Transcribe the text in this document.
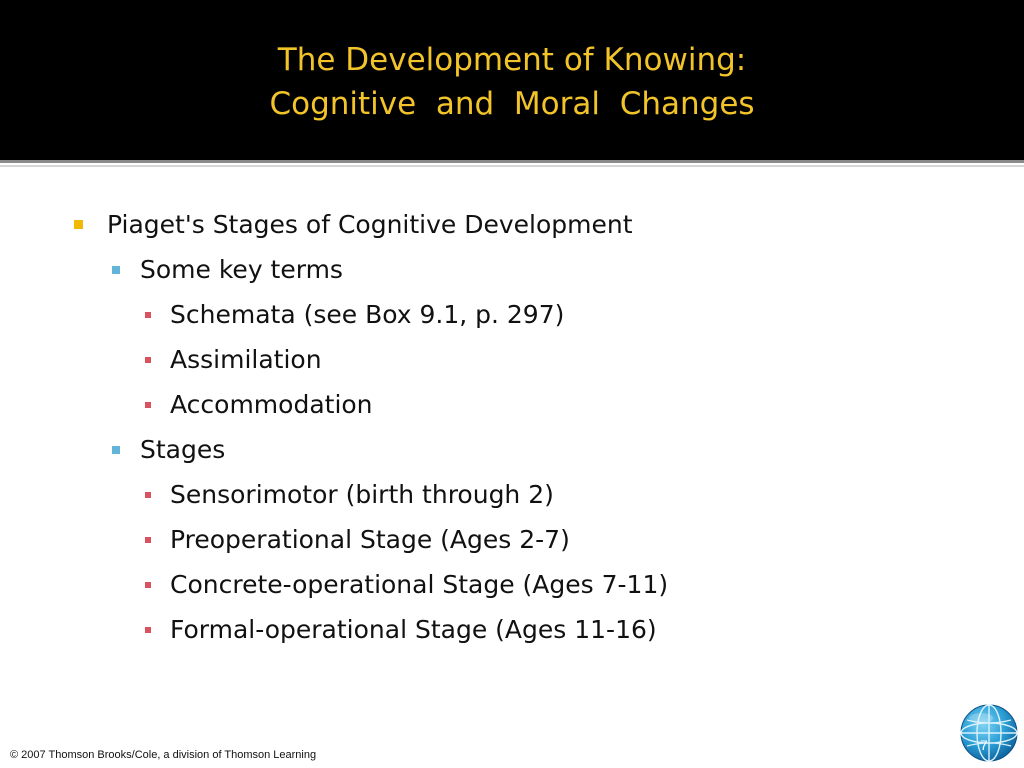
The Development of Knowing:
Cognitive  and  Moral  Changes
Piaget's Stages of Cognitive Development
Some key terms
Schemata (see Box 9.1, p. 297)
Assimilation
Accommodation
Stages
Sensorimotor (birth through 2)
Preoperational Stage (Ages 2-7)
Concrete-operational Stage (Ages 7-11)
Formal-operational Stage (Ages 11-16)
© 2007 Thomson Brooks/Cole, a division of Thomson Learning
7
